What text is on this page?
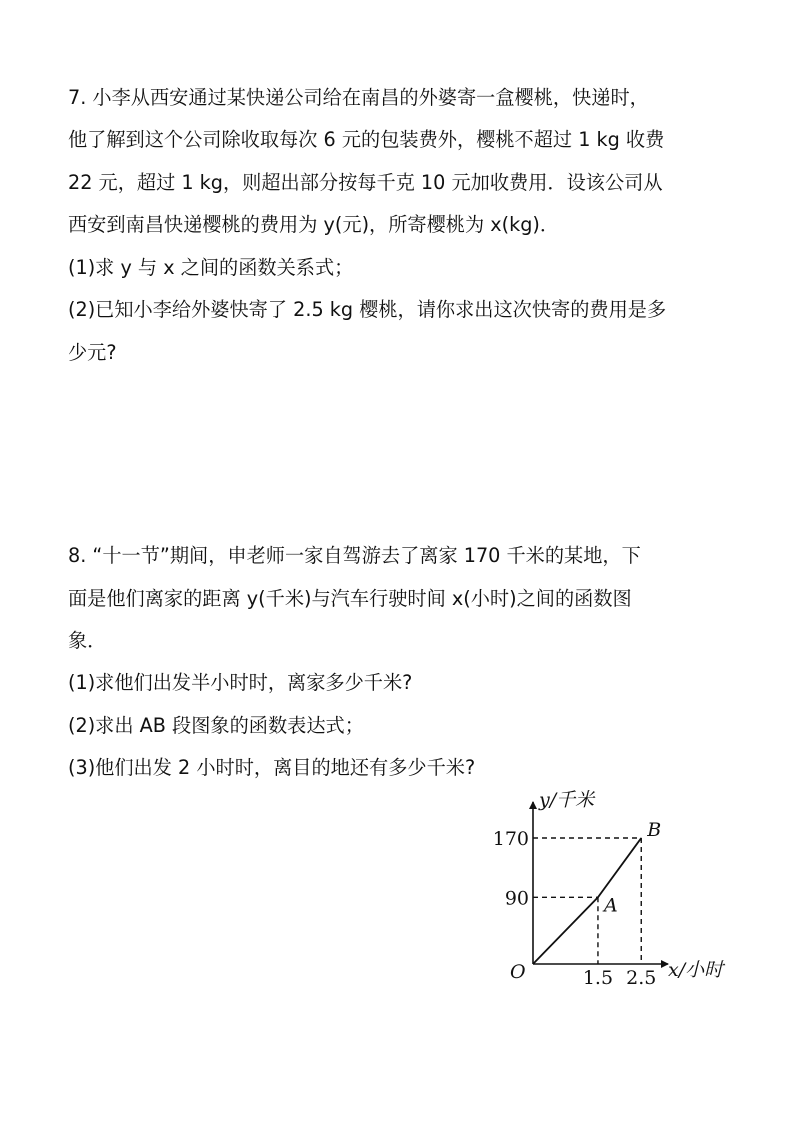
7. 小李从西安通过某快递公司给在南昌的外婆寄一盒樱桃，快递时，
他了解到这个公司除收取每次 6 元的包装费外，樱桃不超过 1 kg 收费
22 元，超过 1 kg，则超出部分按每千克 10 元加收费用．设该公司从
西安到南昌快递樱桃的费用为 y(元)，所寄樱桃为 x(kg)．
(1)求 y 与 x 之间的函数关系式；
(2)已知小李给外婆快寄了 2.5 kg 樱桃，请你求出这次快寄的费用是多
少元?
8. “十一节”期间，申老师一家自驾游去了离家 170 千米的某地，下
面是他们离家的距离 y(千米)与汽车行驶时间 x(小时)之间的函数图
象．
(1)求他们出发半小时时，离家多少千米?
(2)求出 AB 段图象的函数表达式；
(3)他们出发 2 小时时，离目的地还有多少千米?
y/千米
x/小时
O
A
B
1.5 2.5
90
170
